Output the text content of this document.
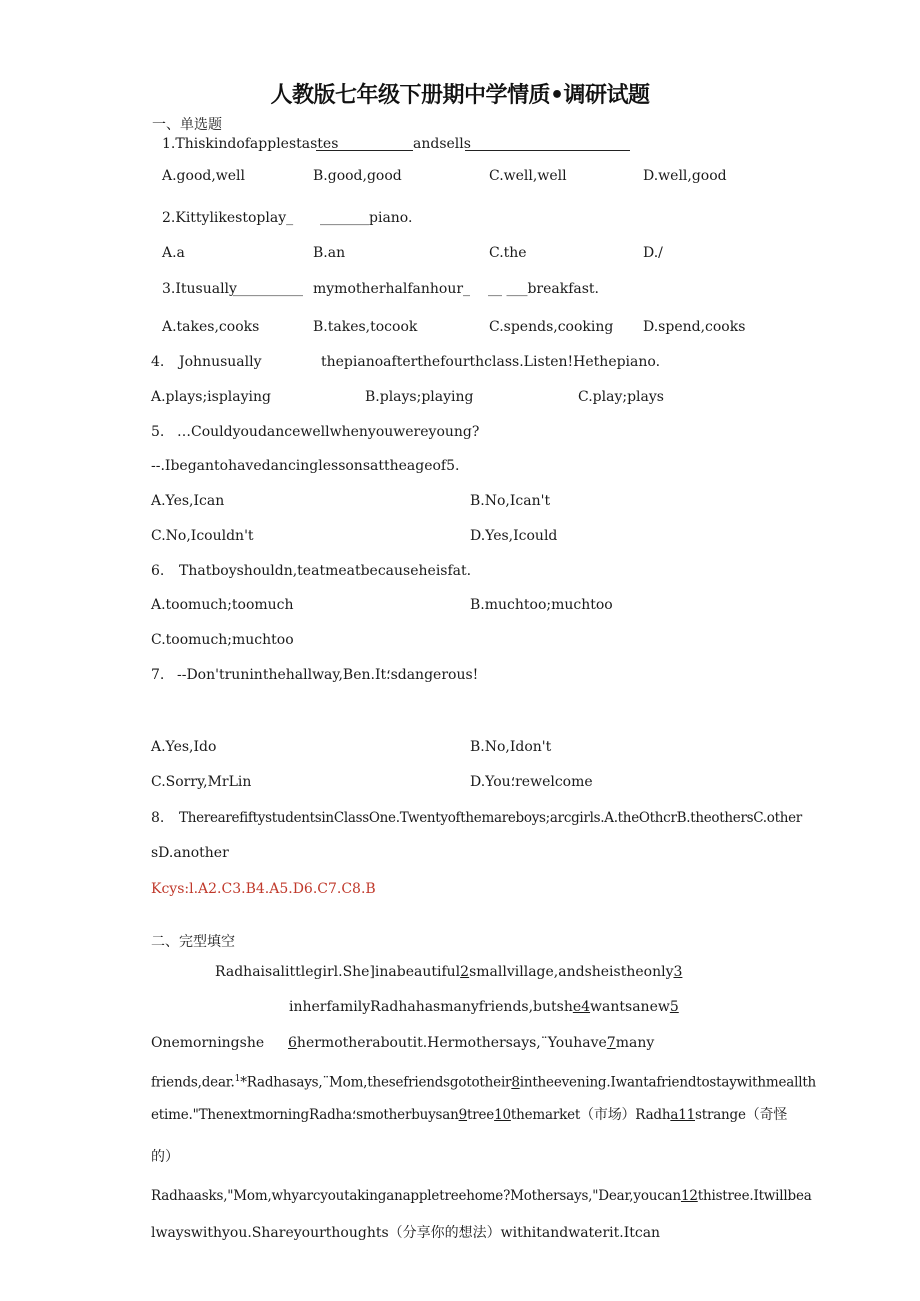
人教版七年级下册期中学情质•调研试题
一、单选题
1.Thiskindofapplestastes	andsells
A.good,well	B.good,good	C.well,well	D.well,good
2.Kittylikestoplay_ _______piano.
A.a	B.an	C.the	D./
3.Itusually
__________ mymotherhalfanhour_ __ ___breakfast.
A.takes,cooks	B.takes,tocook	C.spends,cooking D.spend,cooks
4. Johnusually	thepianoafterthefourthclass.Listen!Hethepiano.
A.plays;isplaying	B.plays;playing	C.play;plays
5. …Couldyoudancewellwhenyouwereyoung?
--.Ibegantohavedancinglessonsattheageof5.
A.Yes,Ican	B.No,Ican't
C.No,Icouldn't	D.Yes,Icould
6. Thatboyshouldn,teatmeatbecauseheisfat.
A.toomuch;toomuch	B.muchtoo;muchtoo
C.toomuch;muchtoo
7. --Don'truninthehallway,Ben.It؛sdangerous!
A.Yes,Ido	B.No,Idon't
C.Sorry,MrLin	D.You؛rewelcome
8. Therearefiftystudentsin​ClassOne.Twentyofthemareboys;arcgirls.A.theOthcrB.theothersC.other
sD.another
Kcys:l.A2.C3.B4.A5.D6.C7.C8.B
二、完型填空
Radhaisalittlegirl.She]inabeautiful2smallvillage,andsheistheonly3
inherfamilyRadhahasmanyfriends,butshe4wantsanew5
Onemorningshe 6hermotheraboutit.Hermothersays,¨Youhave7many
friends,dear.$^1$*Radhasays,¨Mom,thesefriendsgototheir8intheevening.Iwantafriendtostaywithmeallth
etime."ThenextmorningRadha؛smotherbuysan9tree10themarket（市场）Radha11strange（奇怪
的）
Radhaasks,"Mom,whyarcyoutakinganappletreehome?Mothersays,"Dear,youcan12thistree.Itwillbea
lwayswithyou.Shareyourthoughts（分享你的想法）withitandwaterit.Itcan
